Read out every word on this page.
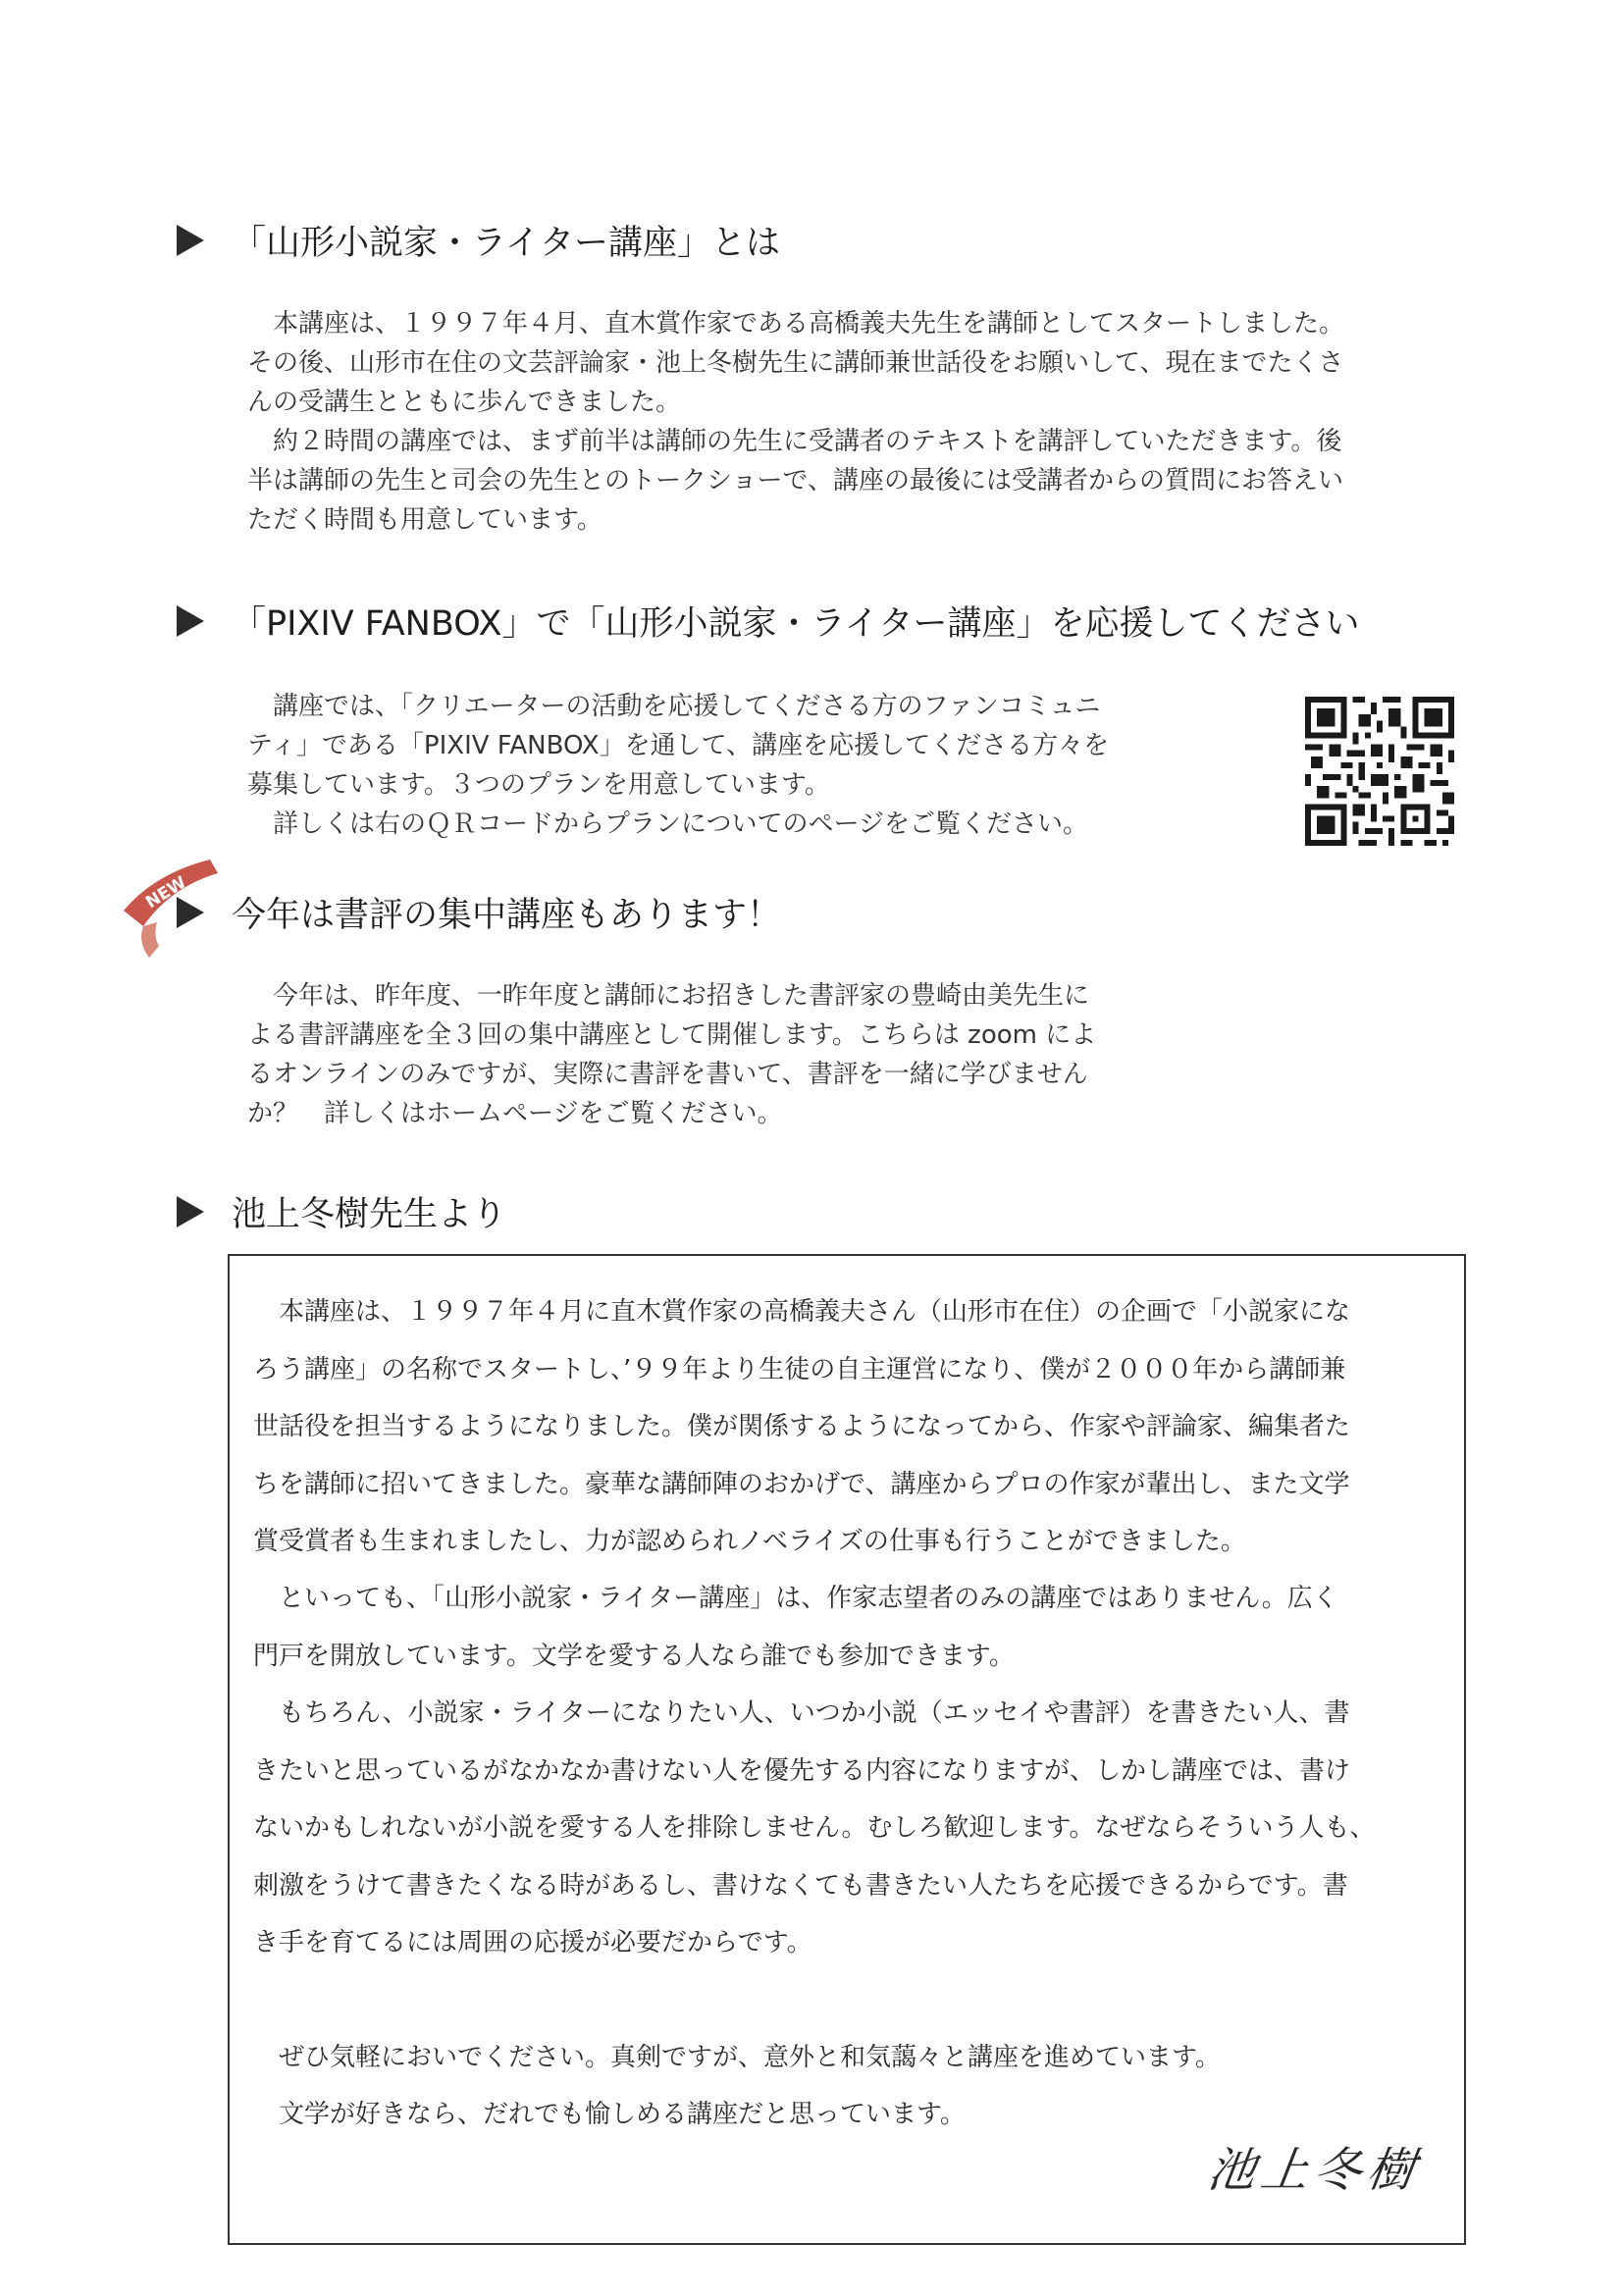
「山形小説家・ライター講座」とは

本講座は、１９９７年４月、直木賞作家である高橋義夫先生を講師としてスタートしました。
その後、山形市在住の文芸評論家・池上冬樹先生に講師兼世話役をお願いして、現在までたくさ
んの受講生とともに歩んできました。
約２時間の講座では、まず前半は講師の先生に受講者のテキストを講評していただきます。後
半は講師の先生と司会の先生とのトークショーで、講座の最後には受講者からの質問にお答えい
ただく時間も用意しています。

「PIXIV FANBOX」で「山形小説家・ライター講座」を応援してください

講座では、「クリエーターの活動を応援してくださる方のファンコミュニ
ティ」である「PIXIV FANBOX」を通して、講座を応援してくださる方々を
募集しています。３つのプランを用意しています。
詳しくは右のＱＲコードからプランについてのページをご覧ください。

NEW
今年は書評の集中講座もあります！

今年は、昨年度、一昨年度と講師にお招きした書評家の豊崎由美先生に
よる書評講座を全３回の集中講座として開催します。こちらは zoom によ
るオンラインのみですが、実際に書評を書いて、書評を一緒に学びません
か？　詳しくはホームページをご覧ください。

池上冬樹先生より

本講座は、１９９７年４月に直木賞作家の高橋義夫さん（山形市在住）の企画で「小説家にな
ろう講座」の名称でスタートし、’９９年より生徒の自主運営になり、僕が２０００年から講師兼
世話役を担当するようになりました。僕が関係するようになってから、作家や評論家、編集者た
ちを講師に招いてきました。豪華な講師陣のおかげで、講座からプロの作家が輩出し、また文学
賞受賞者も生まれましたし、力が認められノベライズの仕事も行うことができました。

といっても、「山形小説家・ライター講座」は、作家志望者のみの講座ではありません。広く
門戸を開放しています。文学を愛する人なら誰でも参加できます。

もちろん、小説家・ライターになりたい人、いつか小説（エッセイや書評）を書きたい人、書
きたいと思っているがなかなか書けない人を優先する内容になりますが、しかし講座では、書け
ないかもしれないが小説を愛する人を排除しません。むしろ歓迎します。なぜならそういう人も、
刺激をうけて書きたくなる時があるし、書けなくても書きたい人たちを応援できるからです。書
き手を育てるには周囲の応援が必要だからです。

ぜひ気軽においでください。真剣ですが、意外と和気藹々と講座を進めています。

文学が好きなら、だれでも愉しめる講座だと思っています。

池上冬樹
